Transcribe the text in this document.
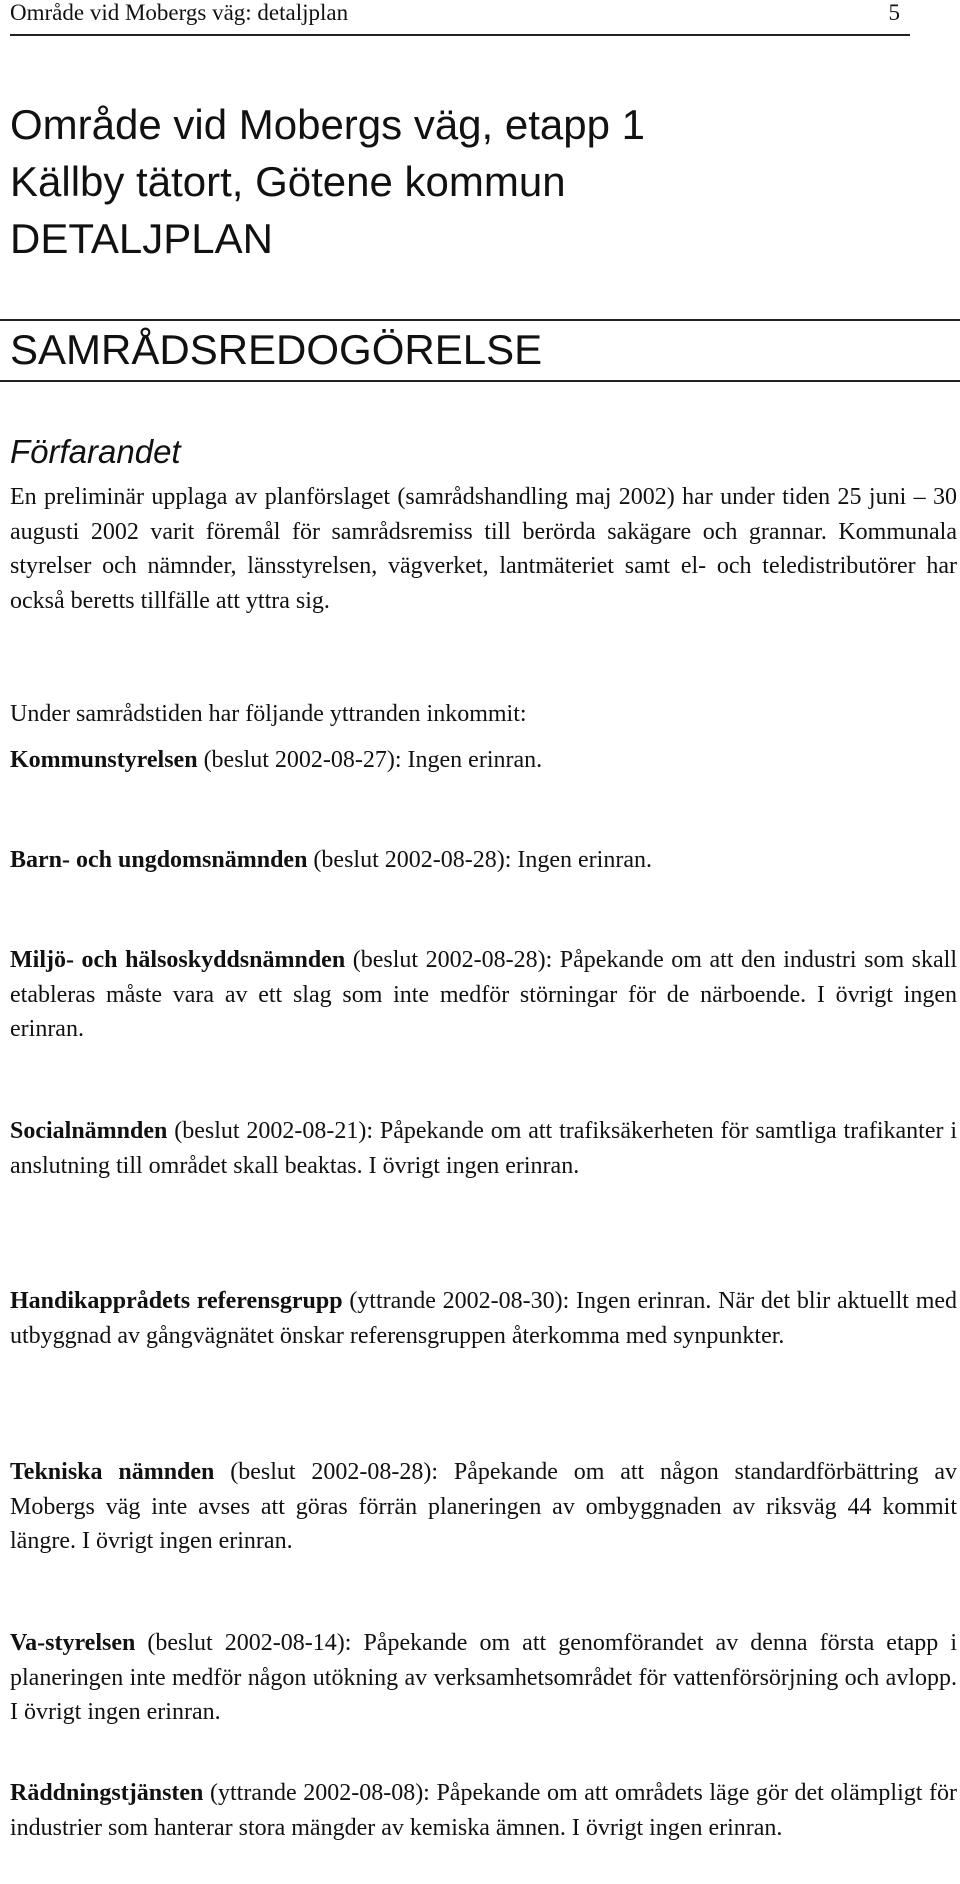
Område vid Mobergs väg: detaljplan	5
Område vid Mobergs väg, etapp 1
Källby tätort, Götene kommun
DETALJPLAN
SAMRÅDSREDOGÖRELSE
Förfarandet

En preliminär upplaga av planförslaget (samrådshandling maj 2002) har under tiden 25 juni – 30 augusti 2002 varit föremål för samrådsremiss till berörda sakägare och grannar. Kommunala styrelser och nämnder, länsstyrelsen, vägverket, lantmäteriet samt el- och teledistributörer har också beretts tillfälle att yttra sig.

Under samrådstiden har följande yttranden inkommit:

Kommunstyrelsen (beslut 2002-08-27): Ingen erinran.

Barn- och ungdomsnämnden (beslut 2002-08-28): Ingen erinran.

Miljö- och hälsoskyddsnämnden (beslut 2002-08-28): Påpekande om att den industri som skall etableras måste vara av ett slag som inte medför störningar för de närboende. I övrigt ingen erinran.

Socialnämnden (beslut 2002-08-21): Påpekande om att trafiksäkerheten för samtliga trafikanter i anslutning till området skall beaktas. I övrigt ingen erinran.

Handikapprådets referensgrupp (yttrande 2002-08-30): Ingen erinran. När det blir aktuellt med utbyggnad av gångvägnätet önskar referensgruppen återkomma med synpunkter.

Tekniska nämnden (beslut 2002-08-28): Påpekande om att någon standardförbättring av Mobergs väg inte avses att göras förrän planeringen av ombyggnaden av riksväg 44 kommit längre. I övrigt ingen erinran.

Va-styrelsen (beslut 2002-08-14): Påpekande om att genomförandet av denna första etapp i planeringen inte medför någon utökning av verksamhetsområdet för vattenförsörjning och avlopp. I övrigt ingen erinran.

Räddningstjänsten (yttrande 2002-08-08): Påpekande om att områdets läge gör det olämpligt för industrier som hanterar stora mängder av kemiska ämnen. I övrigt ingen erinran.
